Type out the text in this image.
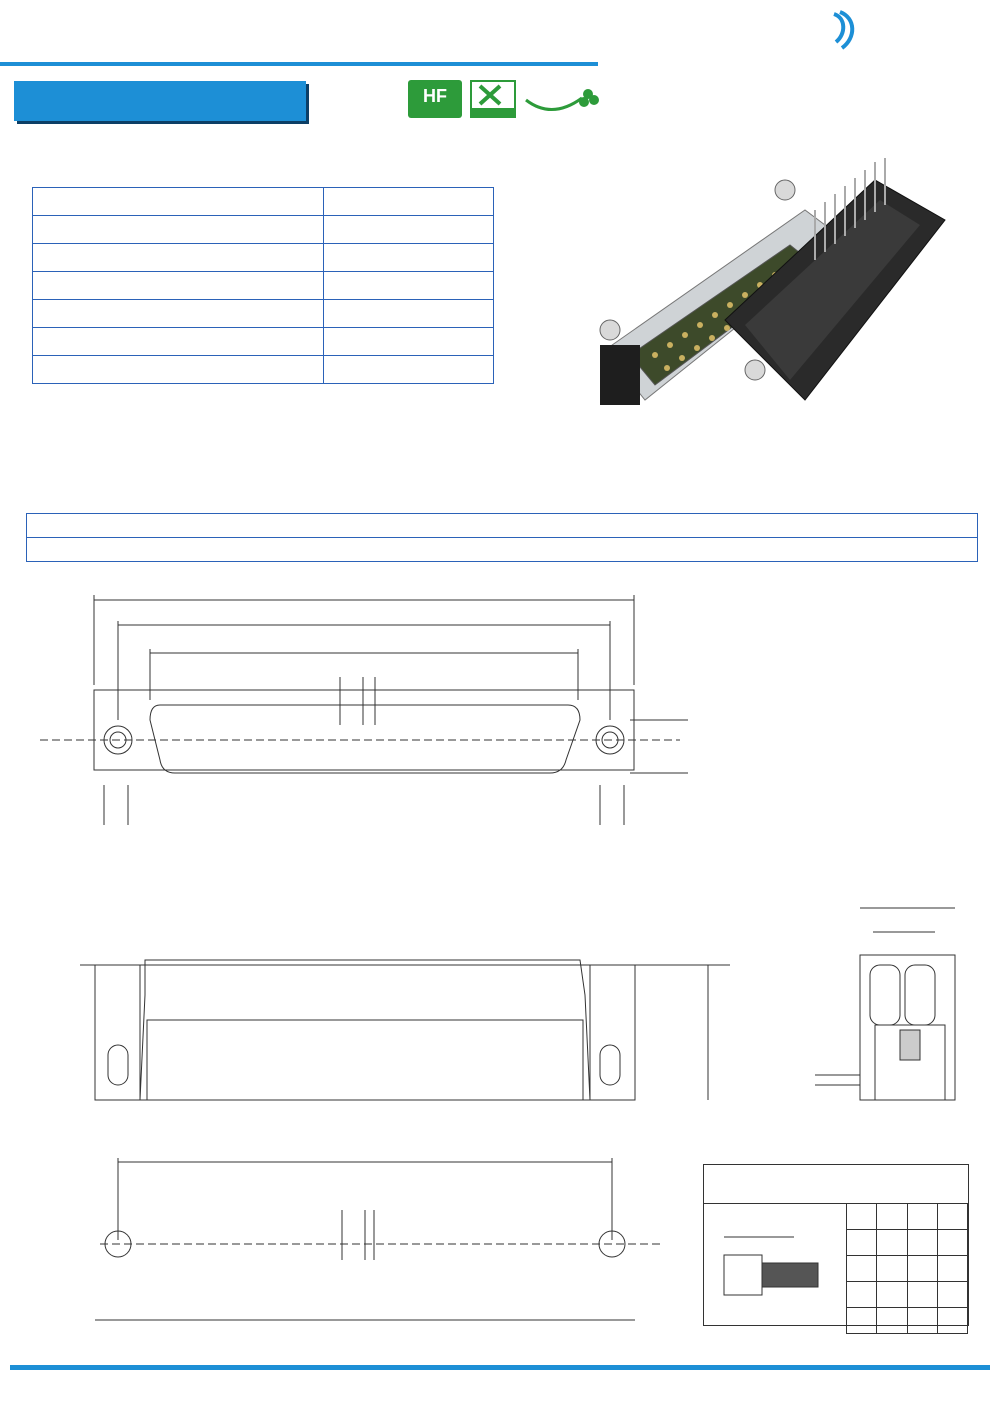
HF
